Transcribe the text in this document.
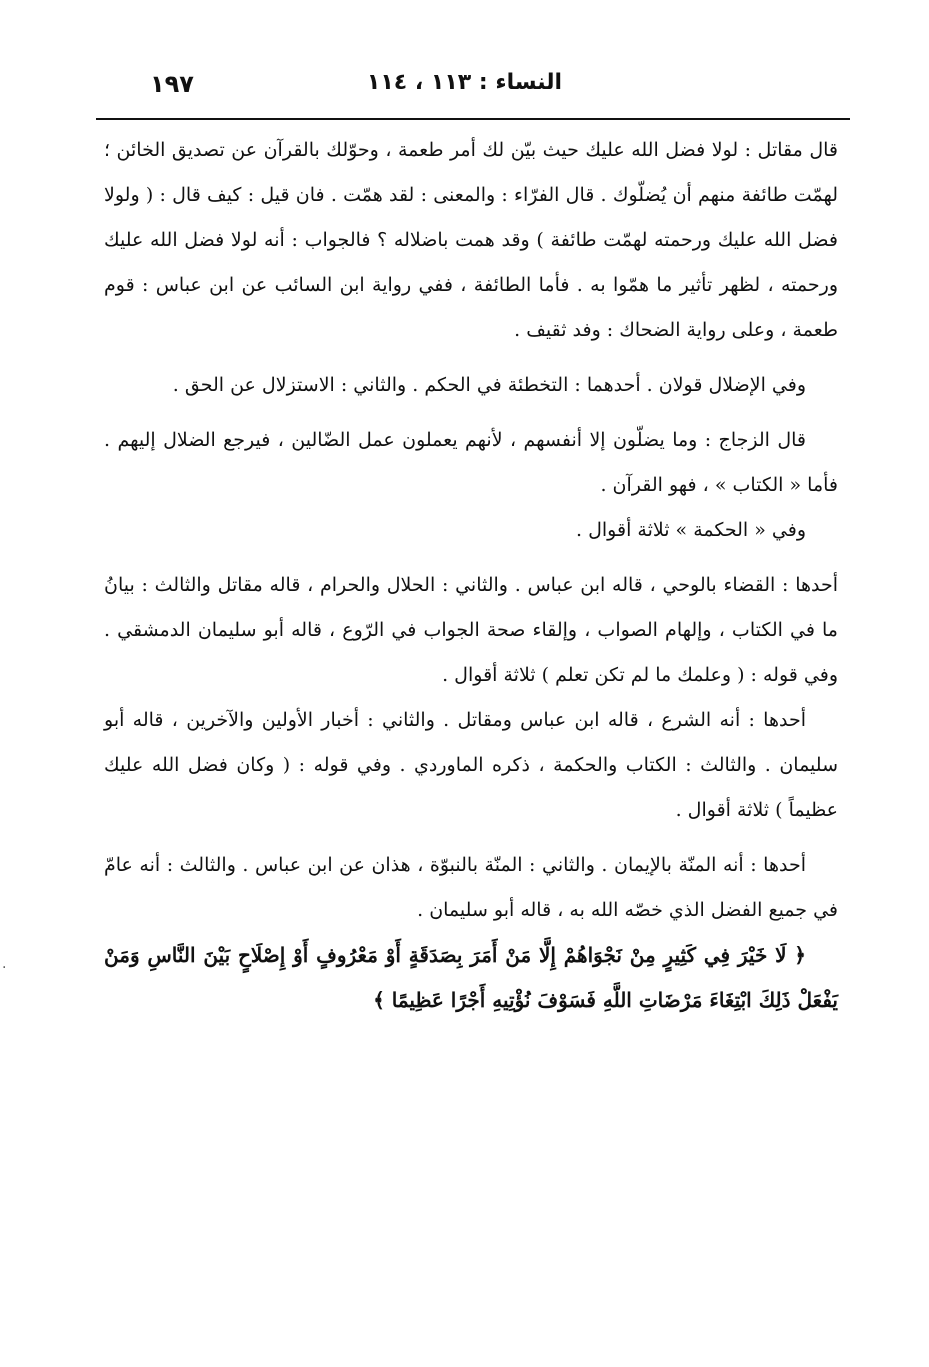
النساء : ١١٣ ، ١١٤
١٩٧

قال مقاتل : لولا فضل الله عليك حيث بيّن لك أمر طعمة ، وحوّلك بالقرآن عن تصديق الخائن ؛ لهمّت طائفة منهم أن يُضلّوك . قال الفرّاء : والمعنى : لقد همّت . فان قيل : كيف قال : ( ولولا فضل الله عليك ورحمته لهمّت طائفة ) وقد همت باضلاله ؟ فالجواب : أنه لولا فضل الله عليك ورحمته ، لظهر تأثير ما همّوا به . فأما الطائفة ، ففي رواية ابن السائب عن ابن عباس : قوم طعمة ، وعلى رواية الضحاك : وفد ثقيف .

وفي الإضلال قولان . أحدهما : التخطئة في الحكم . والثاني : الاستزلال عن الحق .

قال الزجاج : وما يضلّون إلا أنفسهم ، لأنهم يعملون عمل الضّالين ، فيرجع الضلال إليهم . فأما « الكتاب » ، فهو القرآن .

وفي « الحكمة » ثلاثة أقوال .

أحدها : القضاء بالوحي ، قاله ابن عباس . والثاني : الحلال والحرام ، قاله مقاتل والثالث : بيانُ ما في الكتاب ، وإلهام الصواب ، وإلقاء صحة الجواب في الرّوع ، قاله أبو سليمان الدمشقي . وفي قوله : ( وعلمك ما لم تكن تعلم ) ثلاثة أقوال .

أحدها : أنه الشرع ، قاله ابن عباس ومقاتل . والثاني : أخبار الأولين والآخرين ، قاله أبو سليمان . والثالث : الكتاب والحكمة ، ذكره الماوردي . وفي قوله : ( وكان فضل الله عليك عظيماً ) ثلاثة أقوال .

أحدها : أنه المنّة بالإيمان . والثاني : المنّة بالنبوّة ، هذان عن ابن عباس . والثالث : أنه عامّ في جميع الفضل الذي خصّه الله به ، قاله أبو سليمان .

﴿ لَا خَيْرَ فِي كَثِيرٍ مِنْ نَجْوَاهُمْ إِلَّا مَنْ أَمَرَ بِصَدَقَةٍ أَوْ مَعْرُوفٍ أَوْ إِصْلَاحٍ بَيْنَ النَّاسِ وَمَنْ يَفْعَلْ ذَلِكَ ابْتِغَاءَ مَرْضَاتِ اللَّهِ فَسَوْفَ نُؤْتِيهِ أَجْرًا عَظِيمًا ﴾

·
